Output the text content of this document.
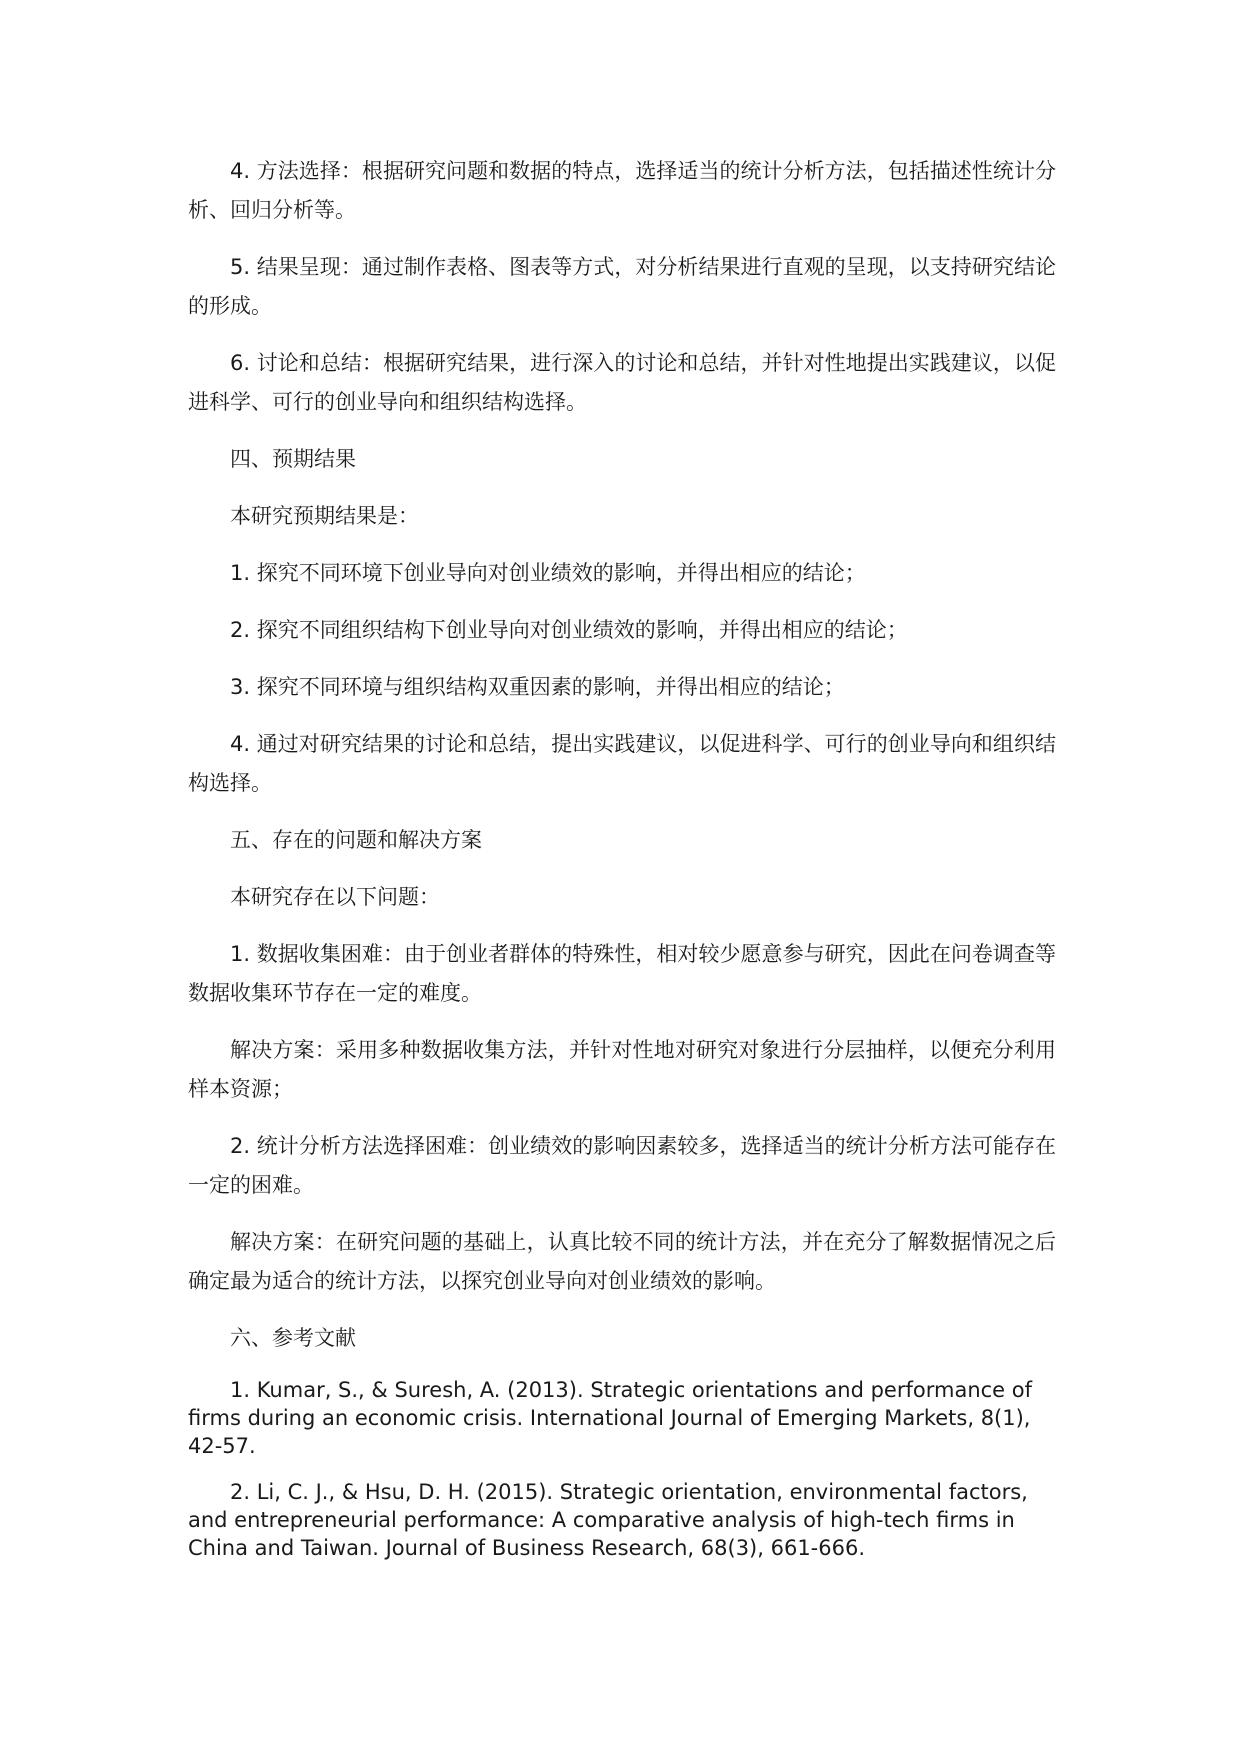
4. 方法选择：根据研究问题和数据的特点，选择适当的统计分析方法，包括描述性统计分析、回归分析等。

5. 结果呈现：通过制作表格、图表等方式，对分析结果进行直观的呈现，以支持研究结论的形成。

6. 讨论和总结：根据研究结果，进行深入的讨论和总结，并针对性地提出实践建议，以促进科学、可行的创业导向和组织结构选择。

四、预期结果

本研究预期结果是：

1. 探究不同环境下创业导向对创业绩效的影响，并得出相应的结论；

2. 探究不同组织结构下创业导向对创业绩效的影响，并得出相应的结论；

3. 探究不同环境与组织结构双重因素的影响，并得出相应的结论；

4. 通过对研究结果的讨论和总结，提出实践建议，以促进科学、可行的创业导向和组织结构选择。

五、存在的问题和解决方案

本研究存在以下问题：

1. 数据收集困难：由于创业者群体的特殊性，相对较少愿意参与研究，因此在问卷调查等数据收集环节存在一定的难度。

解决方案：采用多种数据收集方法，并针对性地对研究对象进行分层抽样，以便充分利用样本资源；

2. 统计分析方法选择困难：创业绩效的影响因素较多，选择适当的统计分析方法可能存在一定的困难。

解决方案：在研究问题的基础上，认真比较不同的统计方法，并在充分了解数据情况之后确定最为适合的统计方法，以探究创业导向对创业绩效的影响。

六、参考文献

1. Kumar, S., & Suresh, A. (2013). Strategic orientations and performance of firms during an economic crisis. International Journal of Emerging Markets, 8(1), 42-57.

2. Li, C. J., & Hsu, D. H. (2015). Strategic orientation, environmental factors, and entrepreneurial performance: A comparative analysis of high-tech firms in China and Taiwan. Journal of Business Research, 68(3), 661-666.
